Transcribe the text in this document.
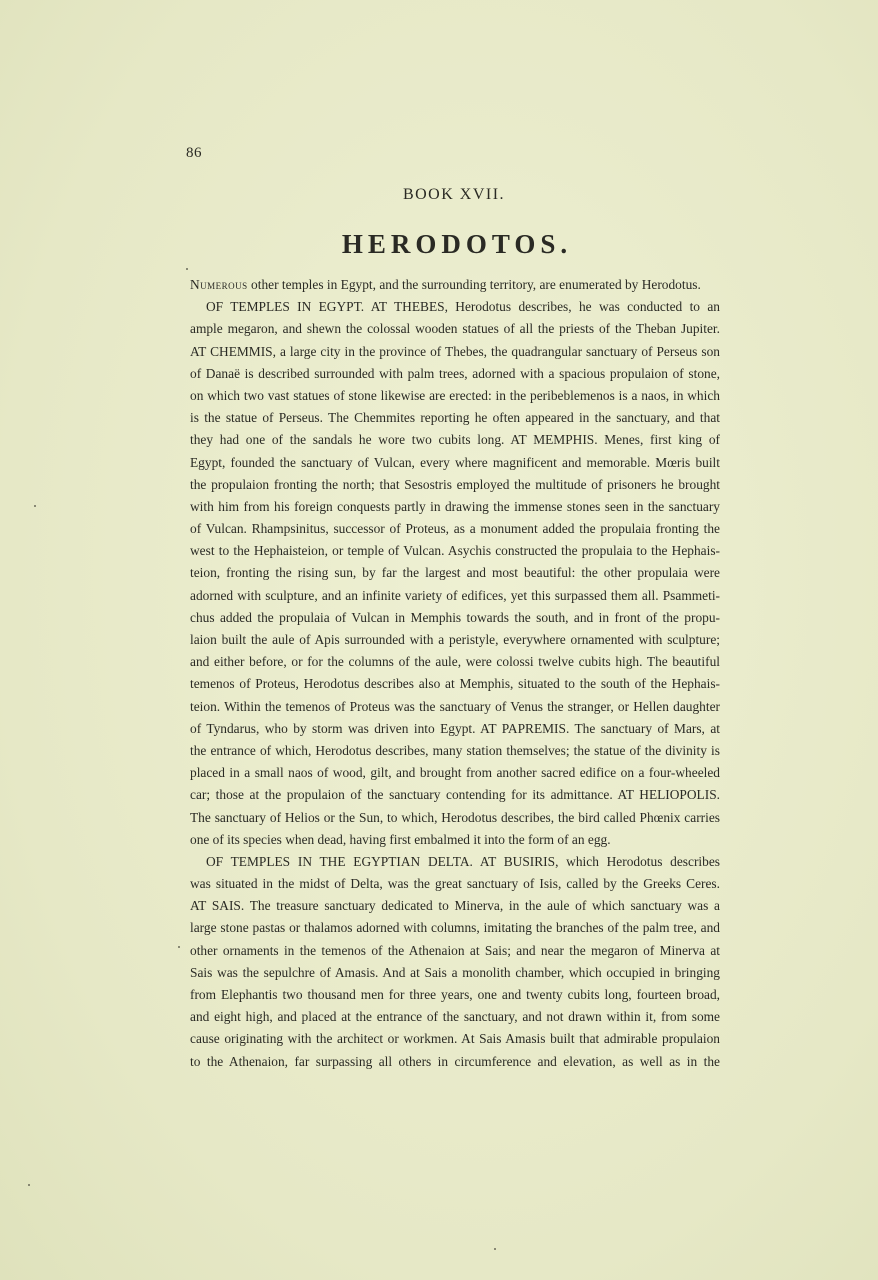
86
BOOK XVII.
HERODOTOS.
Numerous other temples in Egypt, and the surrounding territory, are enumerated by Herodotus.
OF TEMPLES IN EGYPT. AT THEBES, Herodotus describes, he was conducted to an
ample megaron, and shewn the colossal wooden statues of all the priests of the Theban Jupiter.
AT CHEMMIS, a large city in the province of Thebes, the quadrangular sanctuary of Perseus son
of Danaë is described surrounded with palm trees, adorned with a spacious propulaion of stone,
on which two vast statues of stone likewise are erected: in the peribeblemenos is a naos, in which
is the statue of Perseus. The Chemmites reporting he often appeared in the sanctuary, and that
they had one of the sandals he wore two cubits long. AT MEMPHIS. Menes, first king of
Egypt, founded the sanctuary of Vulcan, every where magnificent and memorable. Mœris built
the propulaion fronting the north; that Sesostris employed the multitude of prisoners he brought
with him from his foreign conquests partly in drawing the immense stones seen in the sanctuary
of Vulcan. Rhampsinitus, successor of Proteus, as a monument added the propulaia fronting the
west to the Hephaisteion, or temple of Vulcan. Asychis constructed the propulaia to the Hephais-
teion, fronting the rising sun, by far the largest and most beautiful: the other propulaia were
adorned with sculpture, and an infinite variety of edifices, yet this surpassed them all. Psammeti-
chus added the propulaia of Vulcan in Memphis towards the south, and in front of the propu-
laion built the aule of Apis surrounded with a peristyle, everywhere ornamented with sculpture;
and either before, or for the columns of the aule, were colossi twelve cubits high. The beautiful
temenos of Proteus, Herodotus describes also at Memphis, situated to the south of the Hephais-
teion. Within the temenos of Proteus was the sanctuary of Venus the stranger, or Hellen daughter
of Tyndarus, who by storm was driven into Egypt. AT PAPREMIS. The sanctuary of Mars, at
the entrance of which, Herodotus describes, many station themselves; the statue of the divinity is
placed in a small naos of wood, gilt, and brought from another sacred edifice on a four-wheeled
car; those at the propulaion of the sanctuary contending for its admittance. AT HELIOPOLIS.
The sanctuary of Helios or the Sun, to which, Herodotus describes, the bird called Phœnix carries
one of its species when dead, having first embalmed it into the form of an egg.
OF TEMPLES IN THE EGYPTIAN DELTA. AT BUSIRIS, which Herodotus describes
was situated in the midst of Delta, was the great sanctuary of Isis, called by the Greeks Ceres.
AT SAIS. The treasure sanctuary dedicated to Minerva, in the aule of which sanctuary was a
large stone pastas or thalamos adorned with columns, imitating the branches of the palm tree, and
other ornaments in the temenos of the Athenaion at Sais; and near the megaron of Minerva at
Sais was the sepulchre of Amasis. And at Sais a monolith chamber, which occupied in bringing
from Elephantis two thousand men for three years, one and twenty cubits long, fourteen broad,
and eight high, and placed at the entrance of the sanctuary, and not drawn within it, from some
cause originating with the architect or workmen. At Sais Amasis built that admirable propulaion
to the Athenaion, far surpassing all others in circumference and elevation, as well as in the
